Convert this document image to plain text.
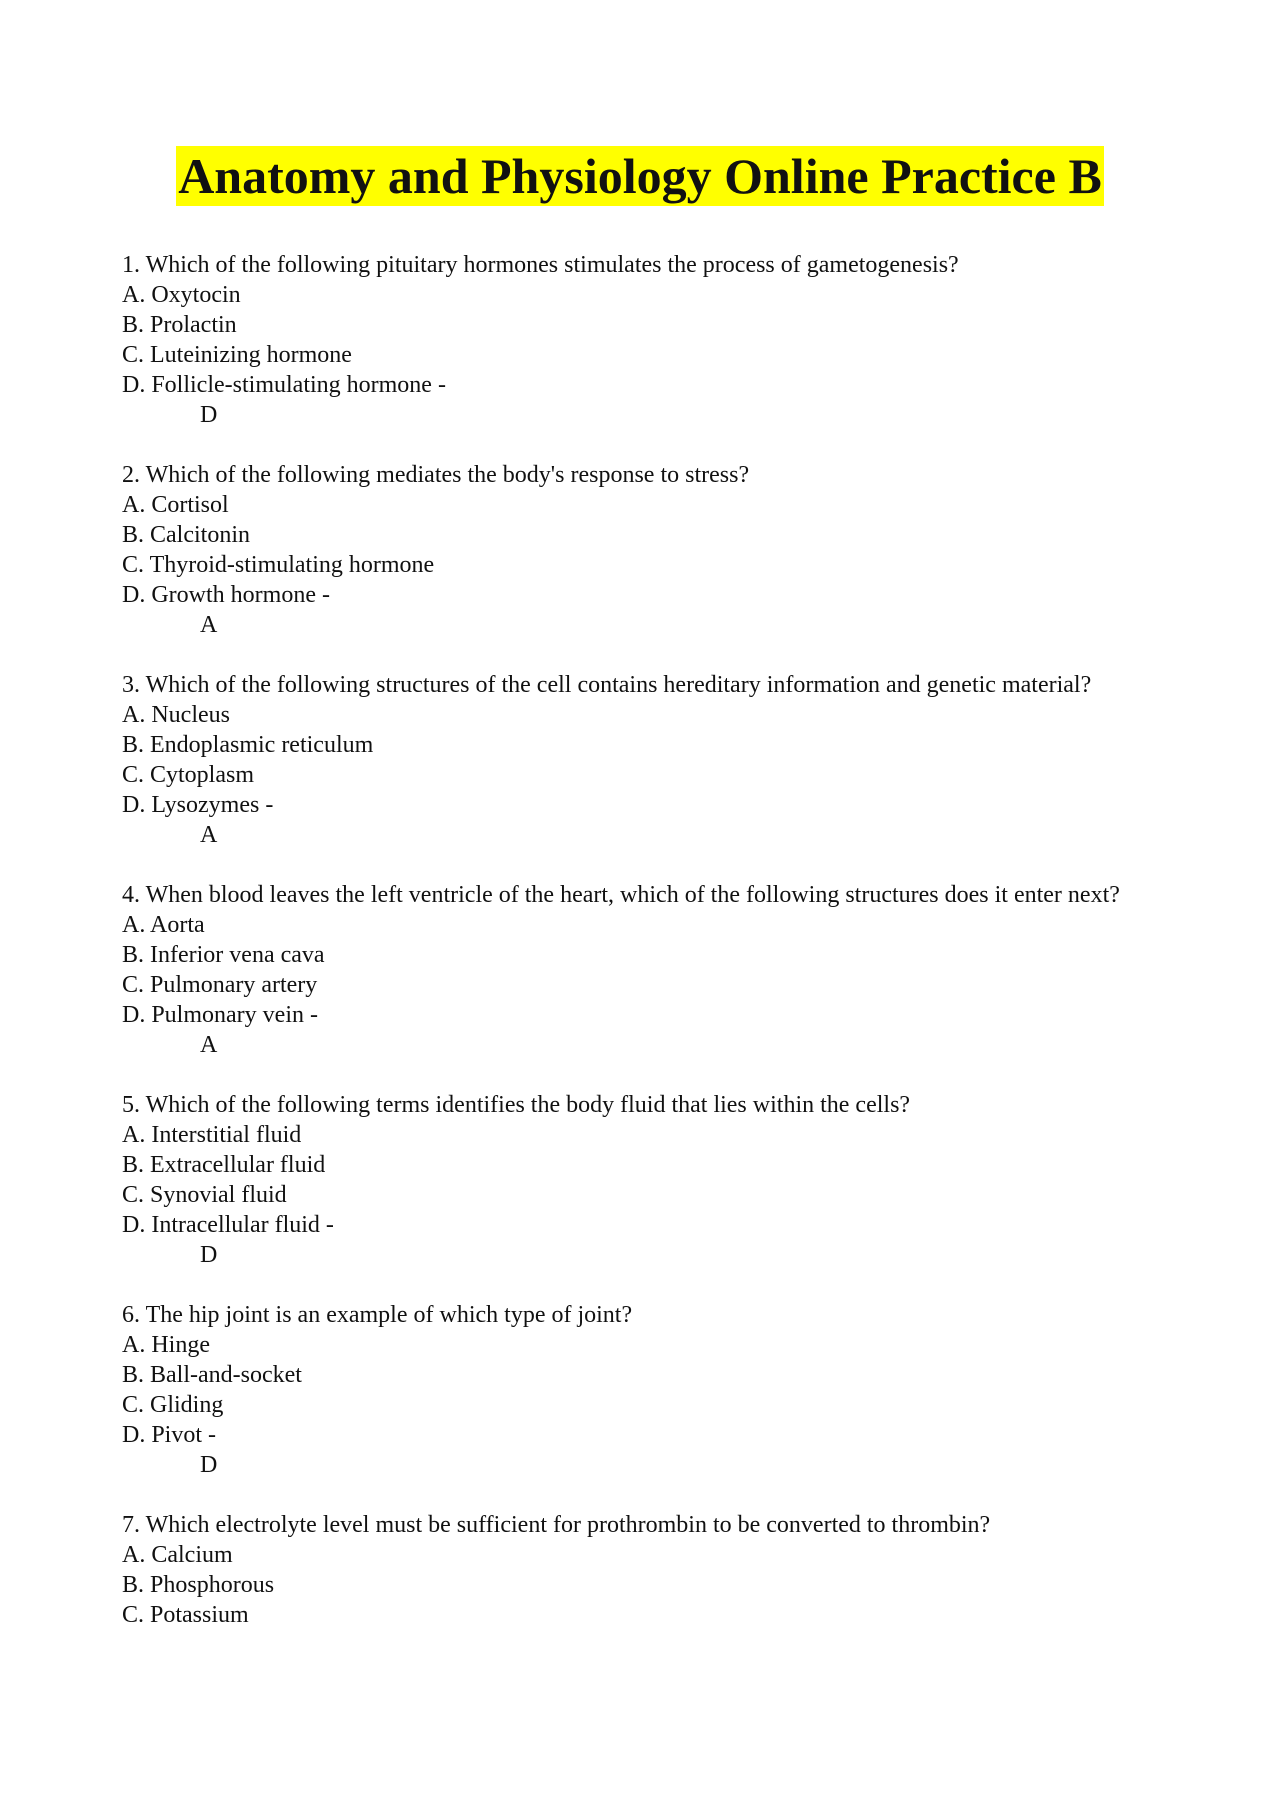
Anatomy and Physiology Online Practice B
1. Which of the following pituitary hormones stimulates the process of gametogenesis?
A. Oxytocin
B. Prolactin
C. Luteinizing hormone
D. Follicle-stimulating hormone -
D
2. Which of the following mediates the body's response to stress?
A. Cortisol
B. Calcitonin
C. Thyroid-stimulating hormone
D. Growth hormone -
A
3. Which of the following structures of the cell contains hereditary information and genetic material?
A. Nucleus
B. Endoplasmic reticulum
C. Cytoplasm
D. Lysozymes -
A
4. When blood leaves the left ventricle of the heart, which of the following structures does it enter next?
A. Aorta
B. Inferior vena cava
C. Pulmonary artery
D. Pulmonary vein -
A
5. Which of the following terms identifies the body fluid that lies within the cells?
A. Interstitial fluid
B. Extracellular fluid
C. Synovial fluid
D. Intracellular fluid -
D
6. The hip joint is an example of which type of joint?
A. Hinge
B. Ball-and-socket
C. Gliding
D. Pivot -
D
7. Which electrolyte level must be sufficient for prothrombin to be converted to thrombin?
A. Calcium
B. Phosphorous
C. Potassium
